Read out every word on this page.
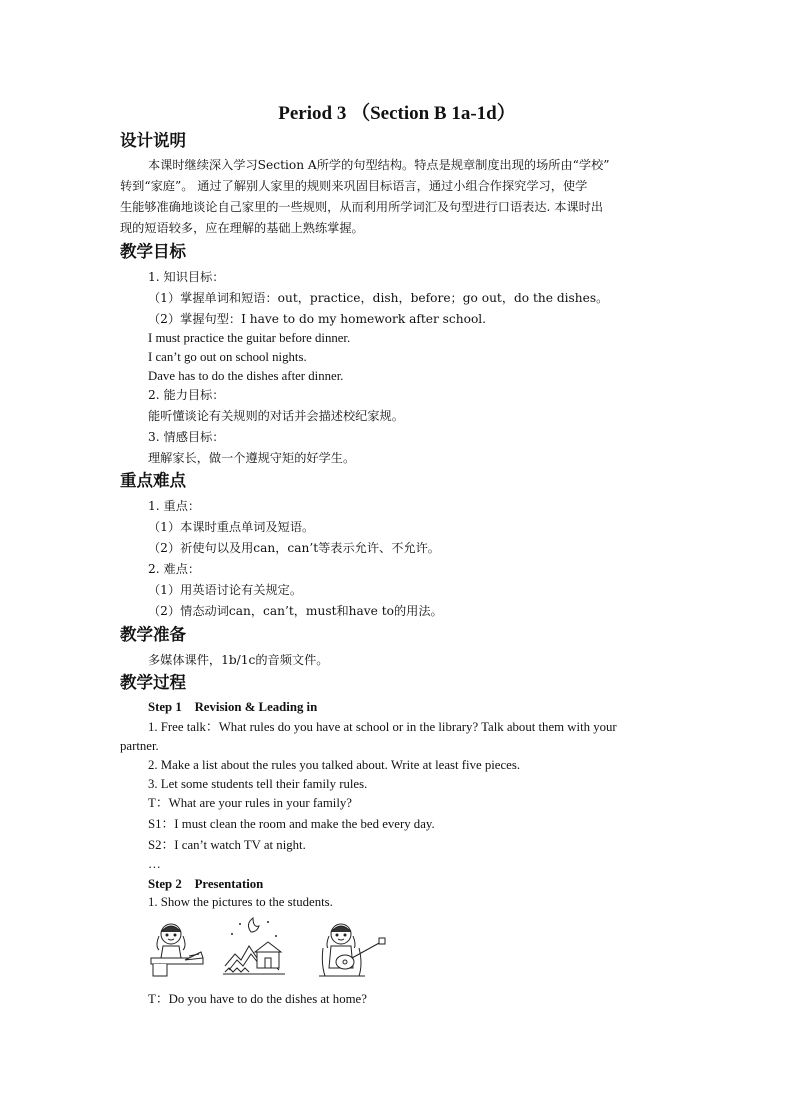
Period 3 （Section B 1a-1d）
设计说明
本课时继续深入学习Section A所学的句型结构。特点是规章制度出现的场所由“学校”
转到“家庭”。 通过了解别人家里的规则来巩固目标语言，通过小组合作探究学习，使学
生能够准确地谈论自己家里的一些规则，从而利用所学词汇及句型进行口语表达. 本课时出
现的短语较多，应在理解的基础上熟练掌握。
教学目标
1. 知识目标：
（1）掌握单词和短语：out，practice，dish，before；go out，do the dishes。
（2）掌握句型：I have to do my homework after school.
I must practice the guitar before dinner.
I can’t go out on school nights.
Dave has to do the dishes after dinner.
2. 能力目标：
能听懂谈论有关规则的对话并会描述校纪家规。
3. 情感目标：
理解家长，做一个遵规守矩的好学生。
重点难点
1. 重点：
（1）本课时重点单词及短语。
（2）祈使句以及用can，can’t等表示允许、不允许。
2. 难点：
（1）用英语讨论有关规定。
（2）情态动词can，can’t，must和have to的用法。
教学准备
多媒体课件，1b/1c的音频文件。
教学过程
Step 1    Revision & Leading in
1. Free talk：What rules do you have at school or in the library? Talk about them with your
partner.
2. Make a list about the rules you talked about. Write at least five pieces.
3. Let some students tell their family rules.
T：What are your rules in your family?
S1：I must clean the room and make the bed every day.
S2：I can’t watch TV at night.
…
Step 2    Presentation
1. Show the pictures to the students.
T：Do you have to do the dishes at home?
